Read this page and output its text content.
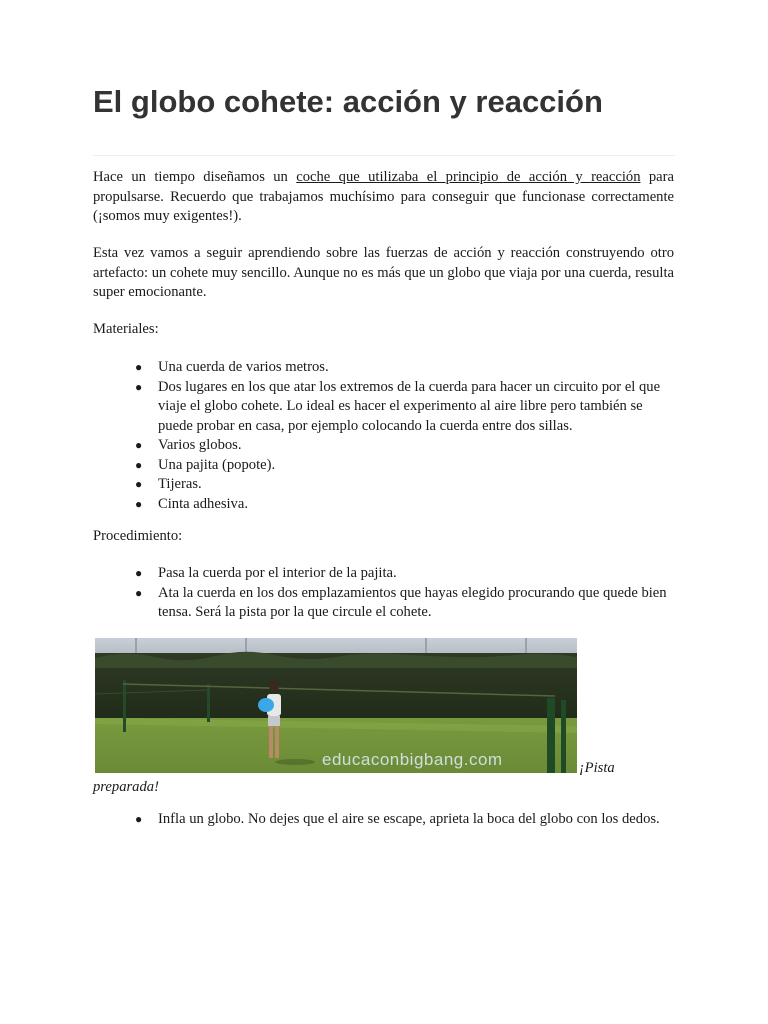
El globo cohete: acción y reacción
Hace un tiempo diseñamos un coche que utilizaba el principio de acción y reacción para propulsarse. Recuerdo que trabajamos muchísimo para conseguir que funcionase correctamente (¡somos muy exigentes!).
Esta vez vamos a seguir aprendiendo sobre las fuerzas de acción y reacción construyendo otro artefacto: un cohete muy sencillo. Aunque no es más que un globo que viaja por una cuerda, resulta super emocionante.
Materiales:
● Una cuerda de varios metros.
● Dos lugares en los que atar los extremos de la cuerda para hacer un circuito por el que viaje el globo cohete. Lo ideal es hacer el experimento al aire libre pero también se puede probar en casa, por ejemplo colocando la cuerda entre dos sillas.
● Varios globos.
● Una pajita (popote).
● Tijeras.
● Cinta adhesiva.
Procedimiento:
● Pasa la cuerda por el interior de la pajita.
● Ata la cuerda en los dos emplazamientos que hayas elegido procurando que quede bien tensa. Será la pista por la que circule el cohete.
educaconbigbang.com	¡Pista
preparada!
● Infla un globo. No dejes que el aire se escape, aprieta la boca del globo con los dedos.
